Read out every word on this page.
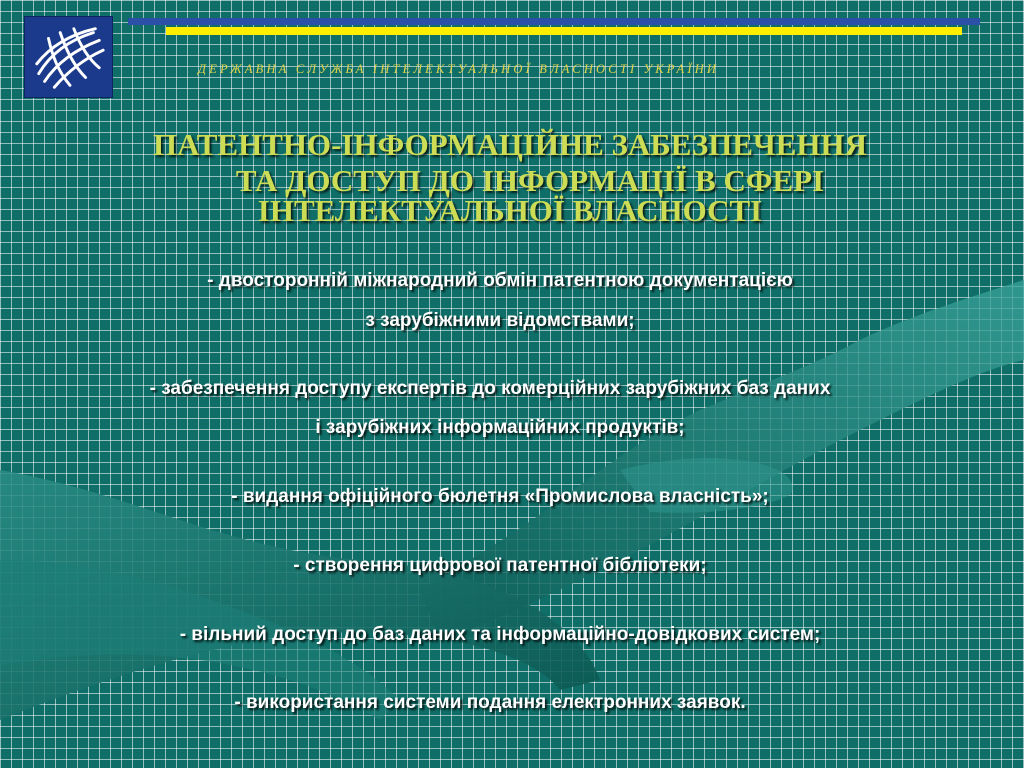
ДЕРЖАВНА СЛУЖБА ІНТЕЛЕКТУАЛЬНОЇ ВЛАСНОСТІ УКРАЇНИ
ПАТЕНТНО-ІНФОРМАЦІЙНЕ ЗАБЕЗПЕЧЕННЯ
ТА ДОСТУП ДО ІНФОРМАЦІЇ В СФЕРІ
ІНТЕЛЕКТУАЛЬНОЇ ВЛАСНОСТІ
- двосторонній міжнародний обмін патентною документацією
з зарубіжними відомствами;
- забезпечення доступу експертів до комерційних зарубіжних баз даних
і зарубіжних інформаційних продуктів;
- видання офіційного бюлетня «Промислова власність»;
- створення цифрової патентної бібліотеки;
- вільний доступ до баз даних та інформаційно-довідкових систем;
- використання системи подання електронних заявок.
